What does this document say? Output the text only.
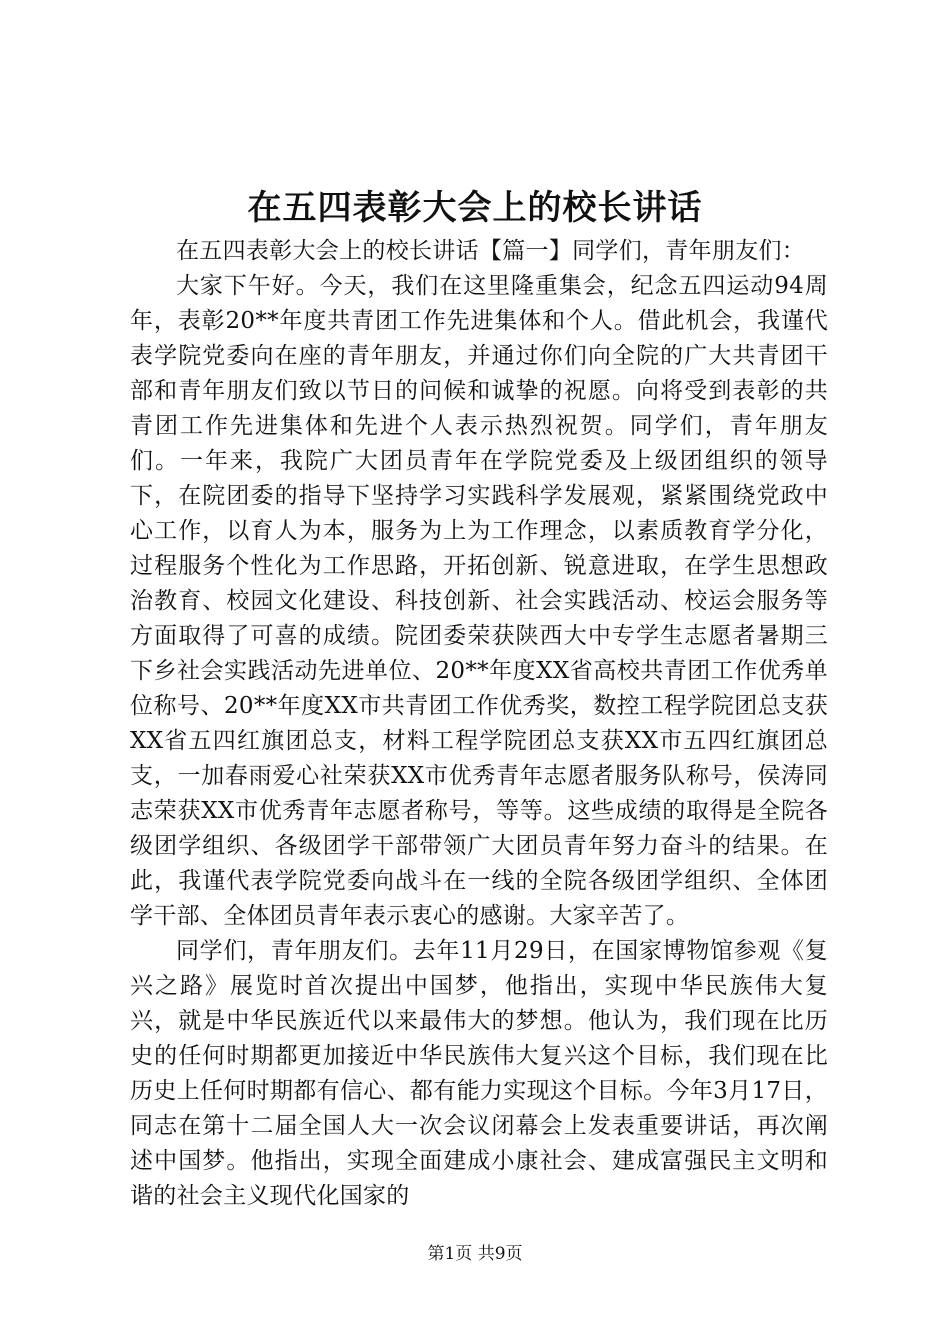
在五四表彰大会上的校长讲话

在五四表彰大会上的校长讲话【篇一】同学们，青年朋友们：

大家下午好。今天，我们在这里隆重集会，纪念五四运动94周年，表彰20**年度共青团工作先进集体和个人。借此机会，我谨代表学院党委向在座的青年朋友，并通过你们向全院的广大共青团干部和青年朋友们致以节日的问候和诚挚的祝愿。向将受到表彰的共青团工作先进集体和先进个人表示热烈祝贺。同学们，青年朋友们。一年来，我院广大团员青年在学院党委及上级团组织的领导下，在院团委的指导下坚持学习实践科学发展观，紧紧围绕党政中心工作，以育人为本，服务为上为工作理念，以素质教育学分化，过程服务个性化为工作思路，开拓创新、锐意进取，在学生思想政治教育、校园文化建设、科技创新、社会实践活动、校运会服务等方面取得了可喜的成绩。院团委荣获陕西大中专学生志愿者暑期三下乡社会实践活动先进单位、20**年度XX省高校共青团工作优秀单位称号、20**年度XX市共青团工作优秀奖，数控工程学院团总支获XX省五四红旗团总支，材料工程学院团总支获XX市五四红旗团总支，一加春雨爱心社荣获XX市优秀青年志愿者服务队称号，侯涛同志荣获XX市优秀青年志愿者称号，等等。这些成绩的取得是全院各级团学组织、各级团学干部带领广大团员青年努力奋斗的结果。在此，我谨代表学院党委向战斗在一线的全院各级团学组织、全体团学干部、全体团员青年表示衷心的感谢。大家辛苦了。

同学们，青年朋友们。去年11月29日，在国家博物馆参观《复兴之路》展览时首次提出中国梦，他指出，实现中华民族伟大复兴，就是中华民族近代以来最伟大的梦想。他认为，我们现在比历史的任何时期都更加接近中华民族伟大复兴这个目标，我们现在比历史上任何时期都有信心、都有能力实现这个目标。今年3月17日，同志在第十二届全国人大一次会议闭幕会上发表重要讲话，再次阐述中国梦。他指出，实现全面建成小康社会、建成富强民主文明和谐的社会主义现代化国家的

第1页 共9页
